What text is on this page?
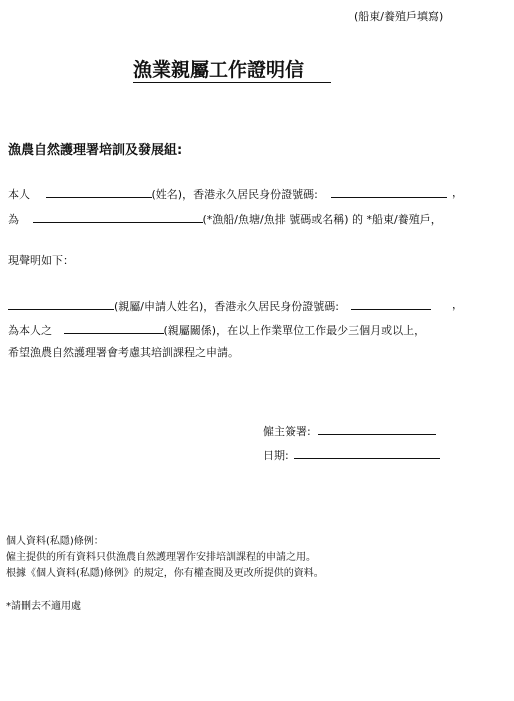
(船東/養殖戶填寫)
漁業親屬工作證明信
漁農自然護理署培訓及發展組:
本人	(姓名)，香港永久居民身份證號碼:	，
為	(*漁船/魚塘/魚排 號碼或名稱) 的 *船東/養殖戶，
現聲明如下：
(親屬/申請人姓名)，香港永久居民身份證號碼:	，
為本人之	(親屬關係)，在以上作業單位工作最少三個月或以上，
希望漁農自然護理署會考慮其培訓課程之申請。
僱主簽署:
日期:
個人資料(私隱)條例：
僱主提供的所有資料只供漁農自然護理署作安排培訓課程的申請之用。
根據《個人資料(私隱)條例》的規定，你有權查閱及更改所提供的資料。
*請刪去不適用處
